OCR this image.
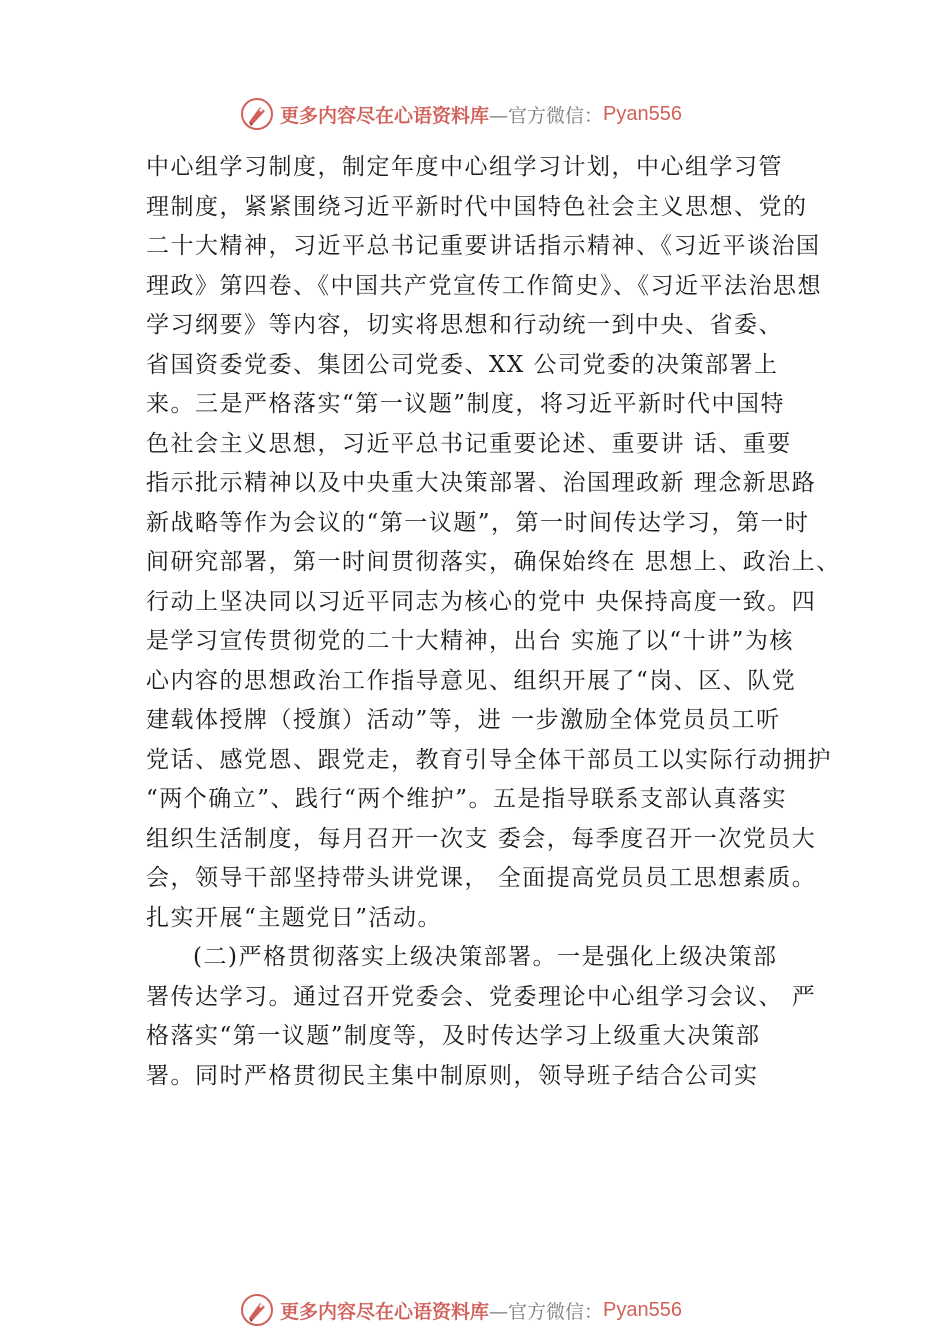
更多内容尽在心语资料库 —官方微信： Pyan556
中心组学习制度，制定年度中心组学习计划，中心组学习管
理制度，紧紧围绕习近平新时代中国特色社会主义思想、党的
二十大精神，习近平总书记重要讲话指示精神、《习近平谈治国
理政》第四卷、《中国共产党宣传工作简史》、《习近平法治思想
学习纲要》等内容，切实将思想和行动统一到中央、省委、
省国资委党委、集团公司党委、XX 公司党委的决策部署上
来。三是严格落实“第一议题”制度，将习近平新时代中国特
色社会主义思想，习近平总书记重要论述、重要讲 话、重要
指示批示精神以及中央重大决策部署、治国理政新 理念新思路
新战略等作为会议的“第一议题”，第一时间传达学习，第一时
间研究部署，第一时间贯彻落实，确保始终在 思想上、政治上、
行动上坚决同以习近平同志为核心的党中 央保持高度一致。四
是学习宣传贯彻党的二十大精神，出台 实施了以“十讲”为核
心内容的思想政治工作指导意见、组织开展了“岗、区、队党
建载体授牌（授旗）活动”等，进 一步激励全体党员员工听
党话、感党恩、跟党走，教育引导全体干部员工以实际行动拥护
“两个确立”、践行“两个维护”。五是指导联系支部认真落实
组织生活制度，每月召开一次支 委会，每季度召开一次党员大
会，领导干部坚持带头讲党课， 全面提高党员员工思想素质。
扎实开展“主题党日”活动。
(二)严格贯彻落实上级决策部署。一是强化上级决策部
署传达学习。通过召开党委会、党委理论中心组学习会议、 严
格落实“第一议题”制度等，及时传达学习上级重大决策部
署。同时严格贯彻民主集中制原则，领导班子结合公司实
更多内容尽在心语资料库 —官方微信： Pyan556
